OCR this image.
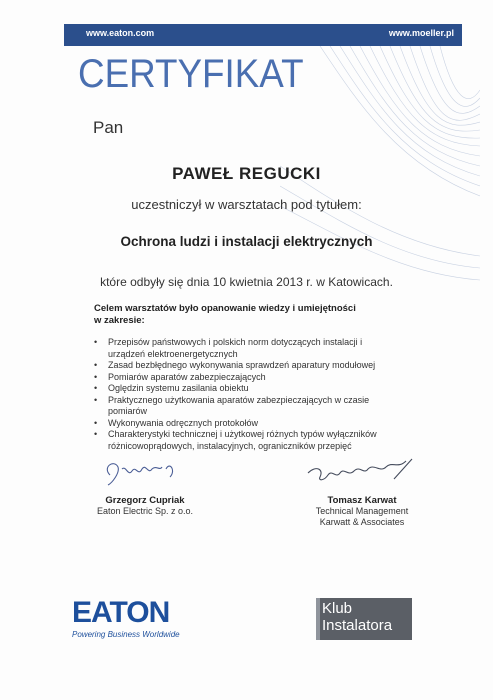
www.eaton.com	www.moeller.pl
CERTYFIKAT
Pan
PAWEŁ REGUCKI
uczestniczył w warsztatach pod tytułem:
Ochrona ludzi i instalacji elektrycznych
które odbyły się dnia 10 kwietnia 2013 r. w Katowicach.
Celem warsztatów było opanowanie wiedzy i umiejętności
w zakresie:
• Przepisów państwowych i polskich norm dotyczących instalacji i
urządzeń elektroenergetycznych
• Zasad bezbłędnego wykonywania sprawdzeń aparatury modułowej
• Pomiarów aparatów zabezpieczających
• Oględzin systemu zasilania obiektu
• Praktycznego użytkowania aparatów zabezpieczających w czasie
pomiarów
• Wykonywania odręcznych protokołów
• Charakterystyki technicznej i użytkowej różnych typów wyłączników
różnicowoprądowych, instalacyjnych, ograniczników przepięć
Grzegorz Cupriak
Eaton Electric Sp. z o.o.
Tomasz Karwat
Technical Management
Karwatt & Associates
EATON
Powering Business Worldwide
Klub
Instalatora
